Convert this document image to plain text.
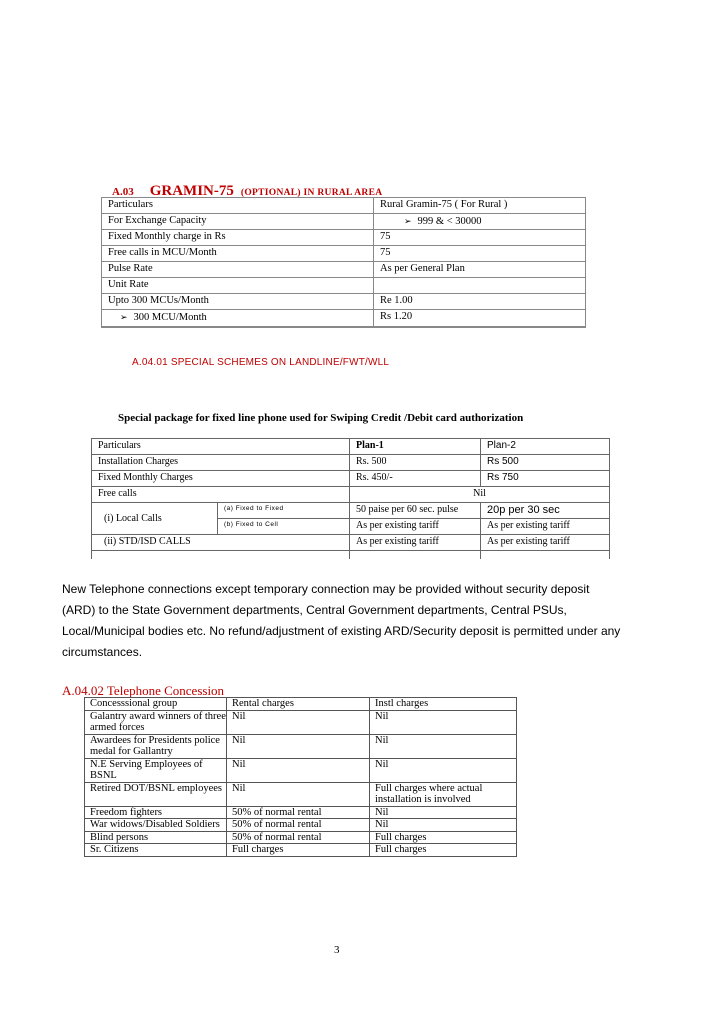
A.03 GRAMIN-75 (OPTIONAL) IN RURAL AREA
Particulars	Rural Gramin-75 ( For Rural )
For Exchange Capacity	➢ 999 & < 30000
Fixed Monthly charge in Rs	75
Free calls in MCU/Month	75
Pulse Rate	As per General Plan
Unit Rate	
Upto 300 MCUs/Month	Re 1.00
➢ 300 MCU/Month	Rs 1.20
A.04.01 SPECIAL SCHEMES ON LANDLINE/FWT/WLL
Special package for fixed line phone used for Swiping Credit /Debit card authorization
Particulars		Plan-1	Plan-2
Installation Charges		Rs. 500	Rs 500
Fixed Monthly Charges		Rs. 450/-	Rs 750
Free calls		Nil	
(i) Local Calls	(a) Fixed to Fixed	50 paise per 60 sec. pulse	20p per 30 sec
	(b) Fixed to Cell	As per existing tariff	As per existing tariff
(ii) STD/ISD CALLS		As per existing tariff	As per existing tariff

New Telephone connections except temporary connection may be provided without security deposit (ARD) to the State Government departments, Central Government departments, Central PSUs, Local/Municipal bodies etc. No refund/adjustment of existing ARD/Security deposit is permitted under any circumstances.
A.04.02 Telephone Concession
Concesssional group	Rental charges	Instl charges
Galantry award winners of three armed forces	Nil	Nil
Awardees for Presidents police medal for Gallantry	Nil	Nil
N.E Serving Employees of BSNL	Nil	Nil
Retired DOT/BSNL employees	Nil	Full charges where actual installation is involved
Freedom fighters	50% of normal rental	Nil
War widows/Disabled Soldiers	50% of normal rental	Nil
Blind persons	50% of normal rental	Full charges
Sr. Citizens	Full charges	Full charges
3
